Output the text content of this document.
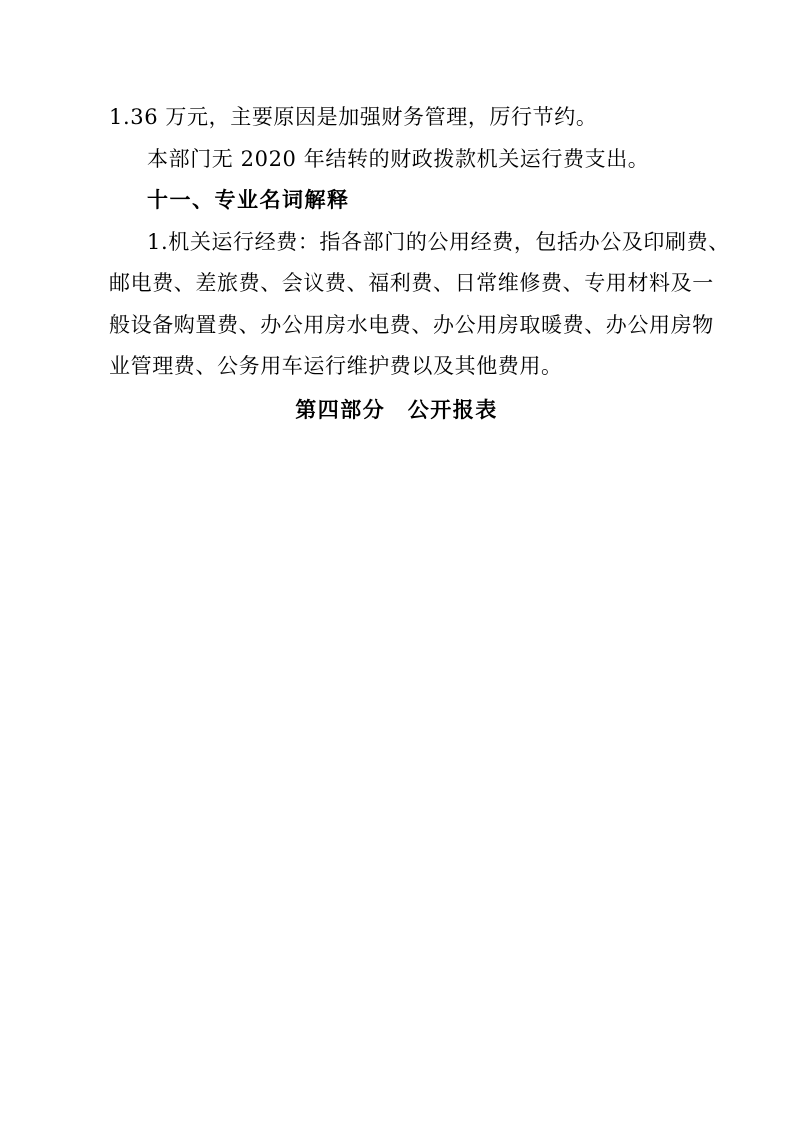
1.36 万元，主要原因是加强财务管理，厉行节约。
本部门无 2020 年结转的财政拨款机关运行费支出。
十一、专业名词解释
1.机关运行经费：指各部门的公用经费，包括办公及印刷费、
邮电费、差旅费、会议费、福利费、日常维修费、专用材料及一
般设备购置费、办公用房水电费、办公用房取暖费、办公用房物
业管理费、公务用车运行维护费以及其他费用。
第四部分　公开报表
